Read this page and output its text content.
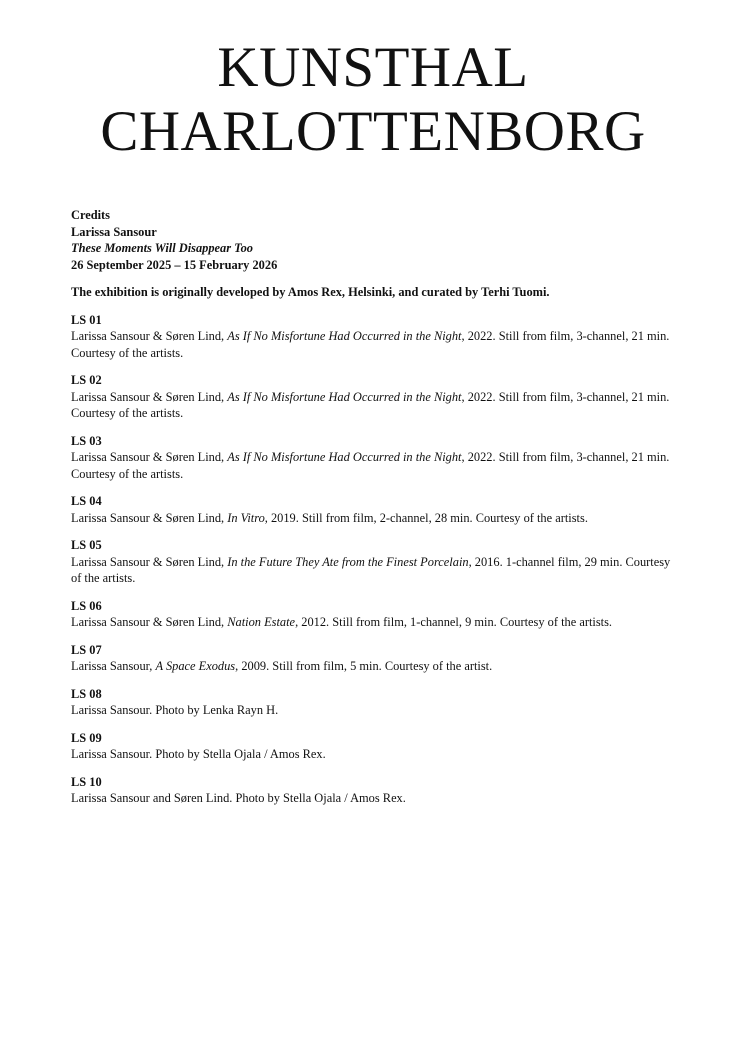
KUNSTHAL
CHARLOTTENBORG
Credits
Larissa Sansour
These Moments Will Disappear Too
26 September 2025 – 15 February 2026
The exhibition is originally developed by Amos Rex, Helsinki, and curated by Terhi Tuomi.
LS 01
Larissa Sansour & Søren Lind, As If No Misfortune Had Occurred in the Night, 2022. Still from film, 3-channel, 21 min. Courtesy of the artists.
LS 02
Larissa Sansour & Søren Lind, As If No Misfortune Had Occurred in the Night, 2022. Still from film, 3-channel, 21 min. Courtesy of the artists.
LS 03
Larissa Sansour & Søren Lind, As If No Misfortune Had Occurred in the Night, 2022. Still from film, 3-channel, 21 min. Courtesy of the artists.
LS 04
Larissa Sansour & Søren Lind, In Vitro, 2019. Still from film, 2-channel, 28 min. Courtesy of the artists.
LS 05
Larissa Sansour & Søren Lind, In the Future They Ate from the Finest Porcelain, 2016. 1-channel film, 29 min. Courtesy of the artists.
LS 06
Larissa Sansour & Søren Lind, Nation Estate, 2012. Still from film, 1-channel, 9 min. Courtesy of the artists.
LS 07
Larissa Sansour, A Space Exodus, 2009. Still from film, 5 min. Courtesy of the artist.
LS 08
Larissa Sansour. Photo by Lenka Rayn H.
LS 09
Larissa Sansour. Photo by Stella Ojala / Amos Rex.
LS 10
Larissa Sansour and Søren Lind. Photo by Stella Ojala / Amos Rex.
